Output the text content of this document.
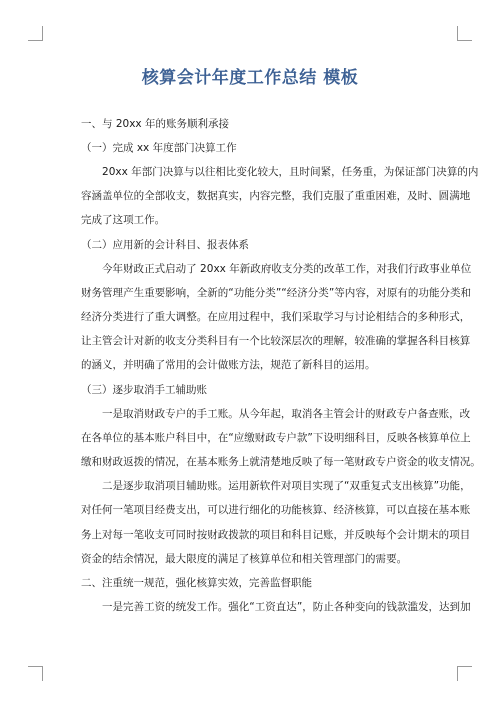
核算会计年度工作总结 模板
一、与 20xx 年的账务顺利承接
（一）完成 xx 年度部门决算工作
20xx 年部门决算与以往相比变化较大，且时间紧，任务重，为保证部门决算的内
容涵盖单位的全部收支，数据真实，内容完整，我们克服了重重困难，及时、圆满地
完成了这项工作。
（二）应用新的会计科目、报表体系
今年财政正式启动了 20xx 年新政府收支分类的改革工作，对我们行政事业单位
财务管理产生重要影响，全新的“功能分类”“经济分类”等内容，对原有的功能分类和
经济分类进行了重大调整。在应用过程中，我们采取学习与讨论相结合的多种形式，
让主管会计对新的收支分类科目有一个比较深层次的理解，较准确的掌握各科目核算
的涵义，并明确了常用的会计做账方法，规范了新科目的运用。
（三）逐步取消手工辅助账
一是取消财政专户的手工账。从今年起，取消各主管会计的财政专户备查账，改
在各单位的基本账户科目中，在“应缴财政专户款”下设明细科目，反映各核算单位上
缴和财政返拨的情况，在基本账务上就清楚地反映了每一笔财政专户资金的收支情况。
二是逐步取消项目辅助账。运用新软件对项目实现了“双重复式支出核算”功能，
对任何一笔项目经费支出，可以进行细化的功能核算、经济核算，可以直接在基本账
务上对每一笔收支可同时按财政拨款的项目和科目记账，并反映每个会计期末的项目
资金的结余情况，最大限度的满足了核算单位和相关管理部门的需要。
二、注重统一规范，强化核算实效，完善监督职能
一是完善工资的统发工作。强化“工资直达”，防止各种变向的钱款滥发，达到加
